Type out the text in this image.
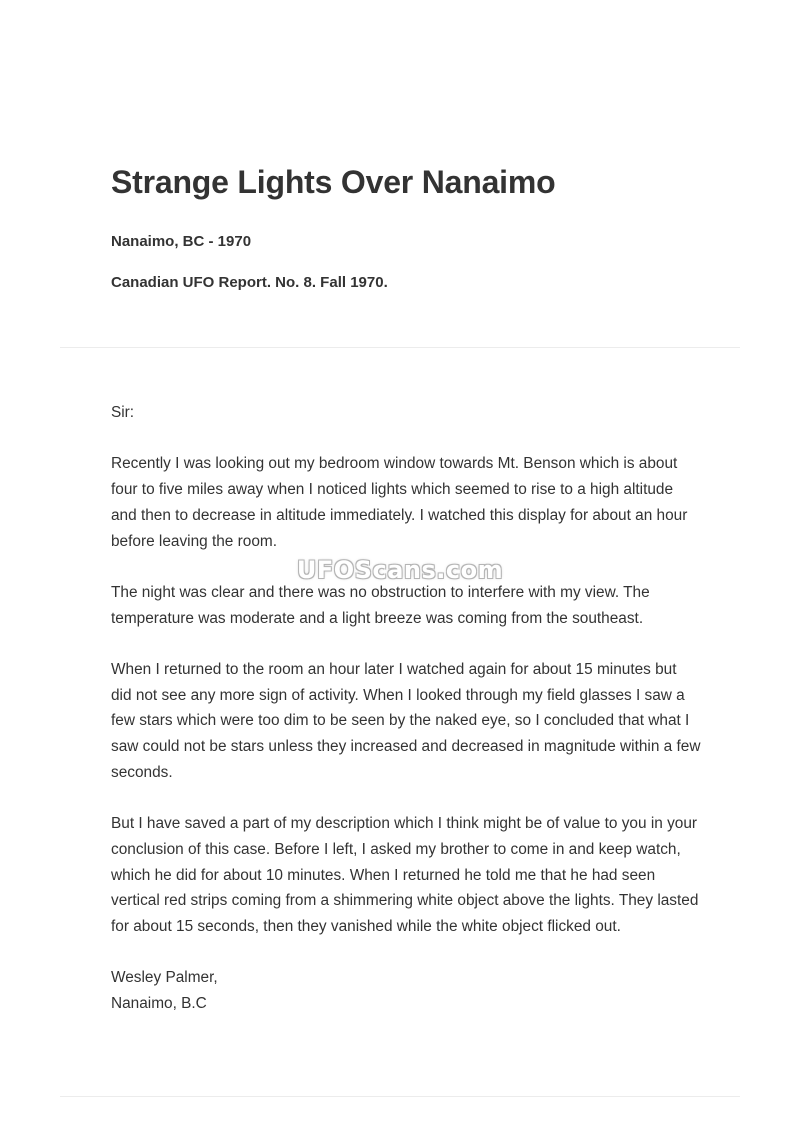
Strange Lights Over Nanaimo

Nanaimo, BC - 1970

Canadian UFO Report. No. 8. Fall 1970.

Sir:

Recently I was looking out my bedroom window towards Mt. Benson which is about four to five miles away when I noticed lights which seemed to rise to a high altitude and then to decrease in altitude immediately. I watched this display for about an hour before leaving the room.

The night was clear and there was no obstruction to interfere with my view. The temperature was moderate and a light breeze was coming from the southeast.

When I returned to the room an hour later I watched again for about 15 minutes but did not see any more sign of activity. When I looked through my field glasses I saw a few stars which were too dim to be seen by the naked eye, so I concluded that what I saw could not be stars unless they increased and decreased in magnitude within a few seconds.

But I have saved a part of my description which I think might be of value to you in your conclusion of this case. Before I left, I asked my brother to come in and keep watch, which he did for about 10 minutes. When I returned he told me that he had seen vertical red strips coming from a shimmering white object above the lights. They lasted for about 15 seconds, then they vanished while the white object flicked out.

Wesley Palmer,
Nanaimo, B.C

UFOScans.com
